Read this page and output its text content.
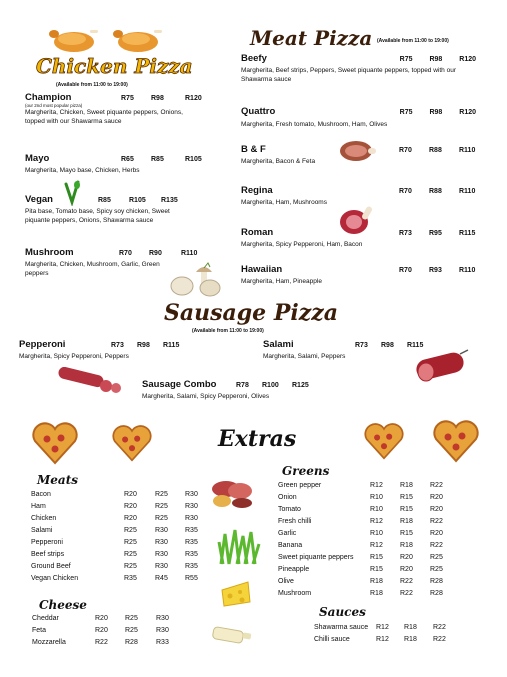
Chicken Pizza
(Available from 11:00 to 19:00)
Champion	R75	R98	R120
(our 2nd most popular pizza)
Margherita, Chicken, Sweet piquante peppers, Onions, topped with our Shawarma sauce
Mayo	R65	R85	R105
Margherita, Mayo base, Chicken, Herbs
Vegan	R85	R105	R135
Pita base, Tomato base, Spicy soy chicken, Sweet piquante peppers, Onions, Shawarma sauce
Mushroom	R70	R90	R110
Margherita, Chicken, Mushroom, Garlic, Green peppers
Meat Pizza (Available from 11:00 to 19:00)
Beefy	R75	R98	R120
Margherita, Beef strips, Peppers, Sweet piquante peppers, topped with our Shawarma sauce
Quattro	R75	R98	R120
Margherita, Fresh tomato, Mushroom, Ham, Olives
B & F	R70	R88	R110
Margherita, Bacon & Feta
Regina	R70	R88	R110
Margherita, Ham, Mushrooms
Roman	R73	R95	R115
Margherita, Spicy Pepperoni, Ham, Bacon
Hawaiian	R70	R93	R110
Margherita, Ham, Pineapple
Sausage Pizza
(Available from 11:00 to 19:00)
Pepperoni	R73	R98	R115
Margherita, Spicy Pepperoni, Peppers
Salami	R73	R98	R115
Margherita, Salami, Peppers
Sausage Combo	R78	R100	R125
Margherita, Salami, Spicy Pepperoni, Olives
Extras
Meats
Bacon	R20	R25 R30
Ham	R20	R25 R30
Chicken	R20	R25 R30
Salami	R25	R30 R35
Pepperoni	R25	R30 R35
Beef strips	R25	R30 R35
Ground Beef	R25	R30 R35
Vegan Chicken	R35	R45 R55
Cheese
Cheddar	R20 R25	R30
Feta	R20 R25	R30
Mozzarella	R22 R28	R33
Greens
Green pepper	R12 R18 R22
Onion	R10 R15 R20
Tomato	R10 R15 R20
Fresh chilli	R12 R18 R22
Garlic	R10 R15 R20
Banana	R12 R18 R22
Sweet piquante peppers R15 R20 R25
Pineapple	R15 R20 R25
Olive	R18 R22 R28
Mushroom	R18 R22 R28
Sauces
Shawarma sauce R12 R18 R22
Chilli sauce	R12 R18 R22
